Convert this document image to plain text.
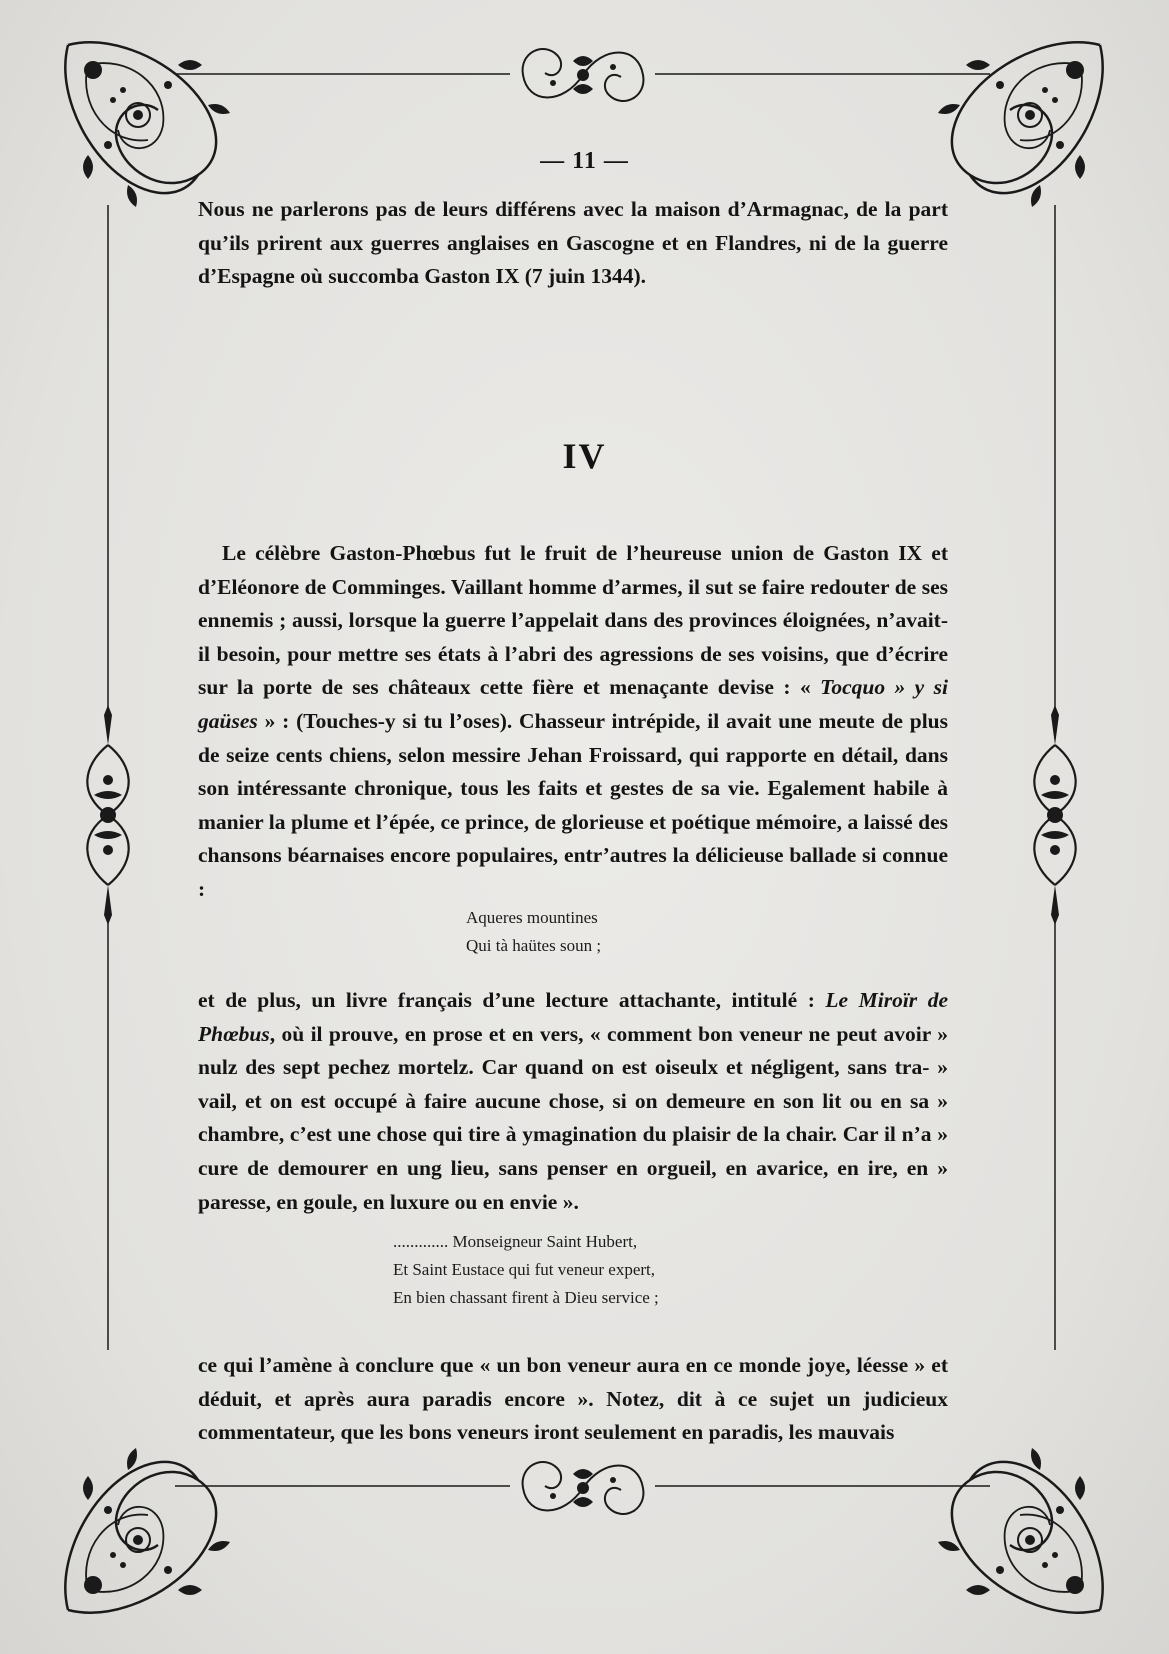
— 11 —

Nous ne parlerons pas de leurs différens avec la maison d’Armagnac, de la part qu’ils prirent aux guerres anglaises en Gascogne et en Flandres, ni de la guerre d’Espagne où succomba Gaston IX (7 juin 1344).

IV

Le célèbre Gaston-Phœbus fut le fruit de l’heureuse union de Gaston IX et d’Eléonore de Comminges. Vaillant homme d’armes, il sut se faire redouter de ses ennemis ; aussi, lorsque la guerre l’appelait dans des provinces éloignées, n’avait-il besoin, pour mettre ses états à l’abri des agressions de ses voisins, que d’écrire sur la porte de ses châteaux cette fière et menaçante devise : « Tocquo » y si gaüses » : (Touches-y si tu l’oses). Chasseur intrépide, il avait une meute de plus de seize cents chiens, selon messire Jehan Froissard, qui rapporte en détail, dans son intéressante chronique, tous les faits et gestes de sa vie. Egalement habile à manier la plume et l’épée, ce prince, de glorieuse et poétique mémoire, a laissé des chansons béarnaises encore populaires, entr’autres la délicieuse ballade si connue :

Aqueres mountines
Qui tà haütes soun ;

et de plus, un livre français d’une lecture attachante, intitulé : Le Miroïr de Phœbus, où il prouve, en prose et en vers, « comment bon veneur ne peut avoir » nulz des sept pechez mortelz. Car quand on est oiseulx et négligent, sans tra- » vail, et on est occupé à faire aucune chose, si on demeure en son lit ou en sa » chambre, c’est une chose qui tire à ymagination du plaisir de la chair. Car il n’a » cure de demourer en ung lieu, sans penser en orgueil, en avarice, en ire, en » paresse, en goule, en luxure ou en envie ».

............. Monseigneur Saint Hubert,
Et Saint Eustace qui fut veneur expert,
En bien chassant firent à Dieu service ;

ce qui l’amène à conclure que « un bon veneur aura en ce monde joye, léesse » et déduit, et après aura paradis encore ». Notez, dit à ce sujet un judicieux commentateur, que les bons veneurs iront seulement en paradis, les mauvais
